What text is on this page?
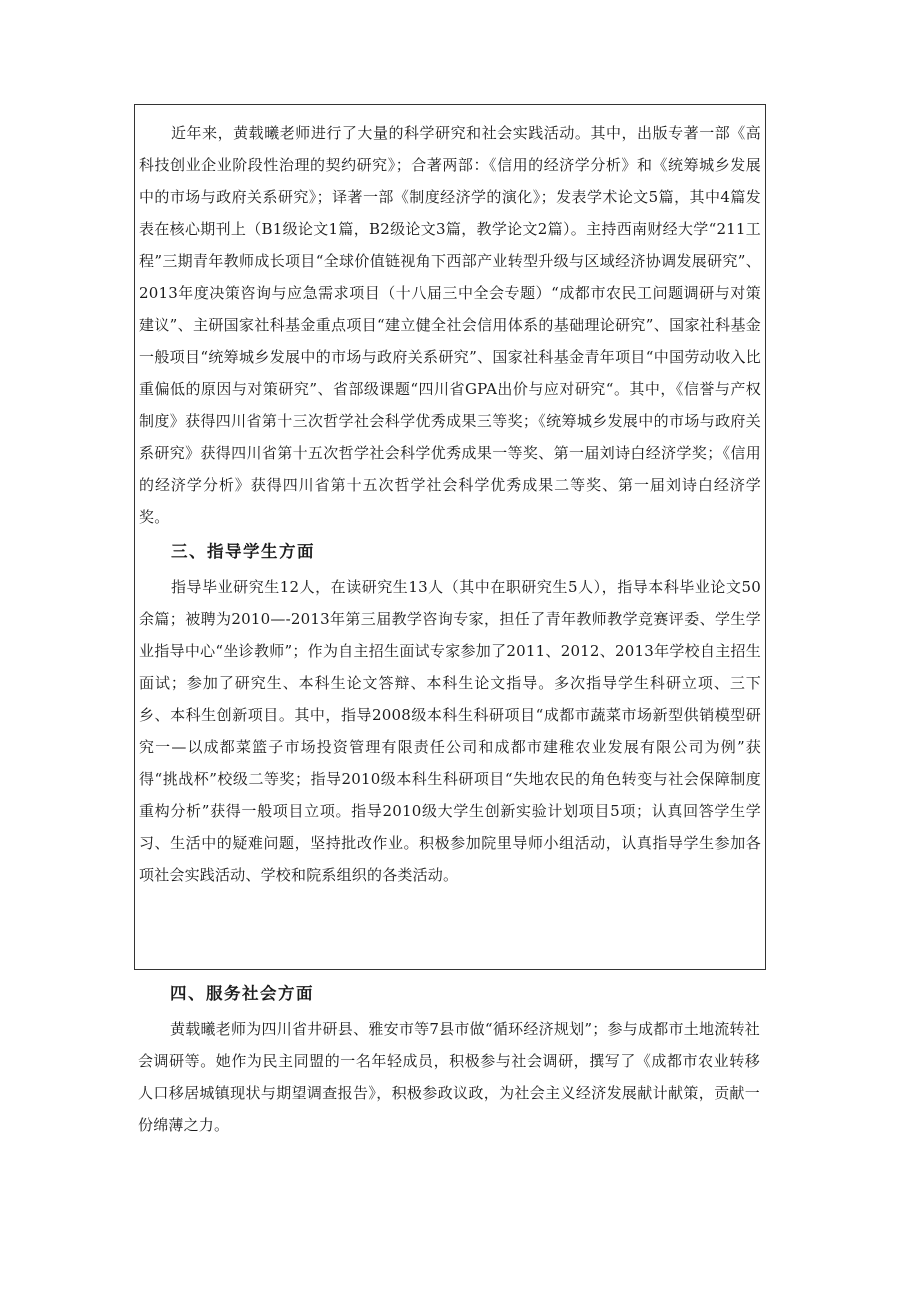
近年来，黄载曦老师进行了大量的科学研究和社会实践活动。其中，出版专著一部《高科技创业企业阶段性治理的契约研究》；合著两部：《信用的经济学分析》和《统筹城乡发展中的市场与政府关系研究》；译著一部《制度经济学的演化》；发表学术论文5篇，其中4篇发表在核心期刊上（B1级论文1篇，B2级论文3篇，教学论文2篇）。主持西南财经大学“211工程”三期青年教师成长项目“全球价值链视角下西部产业转型升级与区域经济协调发展研究”、2013年度决策咨询与应急需求项目（十八届三中全会专题）“成都市农民工问题调研与对策建议”、主研国家社科基金重点项目“建立健全社会信用体系的基础理论研究”、国家社科基金一般项目“统筹城乡发展中的市场与政府关系研究”、国家社科基金青年项目“中国劳动收入比重偏低的原因与对策研究”、省部级课题“四川省GPA出价与应对研究“。其中，《信誉与产权制度》获得四川省第十三次哲学社会科学优秀成果三等奖；《统筹城乡发展中的市场与政府关系研究》获得四川省第十五次哲学社会科学优秀成果一等奖、第一届刘诗白经济学奖；《信用的经济学分析》获得四川省第十五次哲学社会科学优秀成果二等奖、第一届刘诗白经济学奖。

三、指导学生方面

指导毕业研究生12人，在读研究生13人（其中在职研究生5人），指导本科毕业论文50余篇；被聘为2010—-2013年第三届教学咨询专家，担任了青年教师教学竞赛评委、学生学业指导中心“坐诊教师”；作为自主招生面试专家参加了2011、2012、2013年学校自主招生面试；参加了研究生、本科生论文答辩、本科生论文指导。多次指导学生科研立项、三下乡、本科生创新项目。其中，指导2008级本科生科研项目“成都市蔬菜市场新型供销模型研究一—以成都菜篮子市场投资管理有限责任公司和成都市建稚农业发展有限公司为例”获得“挑战杯”校级二等奖；指导2010级本科生科研项目“失地农民的角色转变与社会保障制度重构分析”获得一般项目立项。指导2010级大学生创新实验计划项目5项；认真回答学生学习、生活中的疑难问题，坚持批改作业。积极参加院里导师小组活动，认真指导学生参加各项社会实践活动、学校和院系组织的各类活动。

四、服务社会方面

黄载曦老师为四川省井研县、雅安市等7县市做“循环经济规划”；参与成都市土地流转社会调研等。她作为民主同盟的一名年轻成员，积极参与社会调研，撰写了《成都市农业转移人口移居城镇现状与期望调查报告》，积极参政议政，为社会主义经济发展献计献策，贡献一份绵薄之力。
